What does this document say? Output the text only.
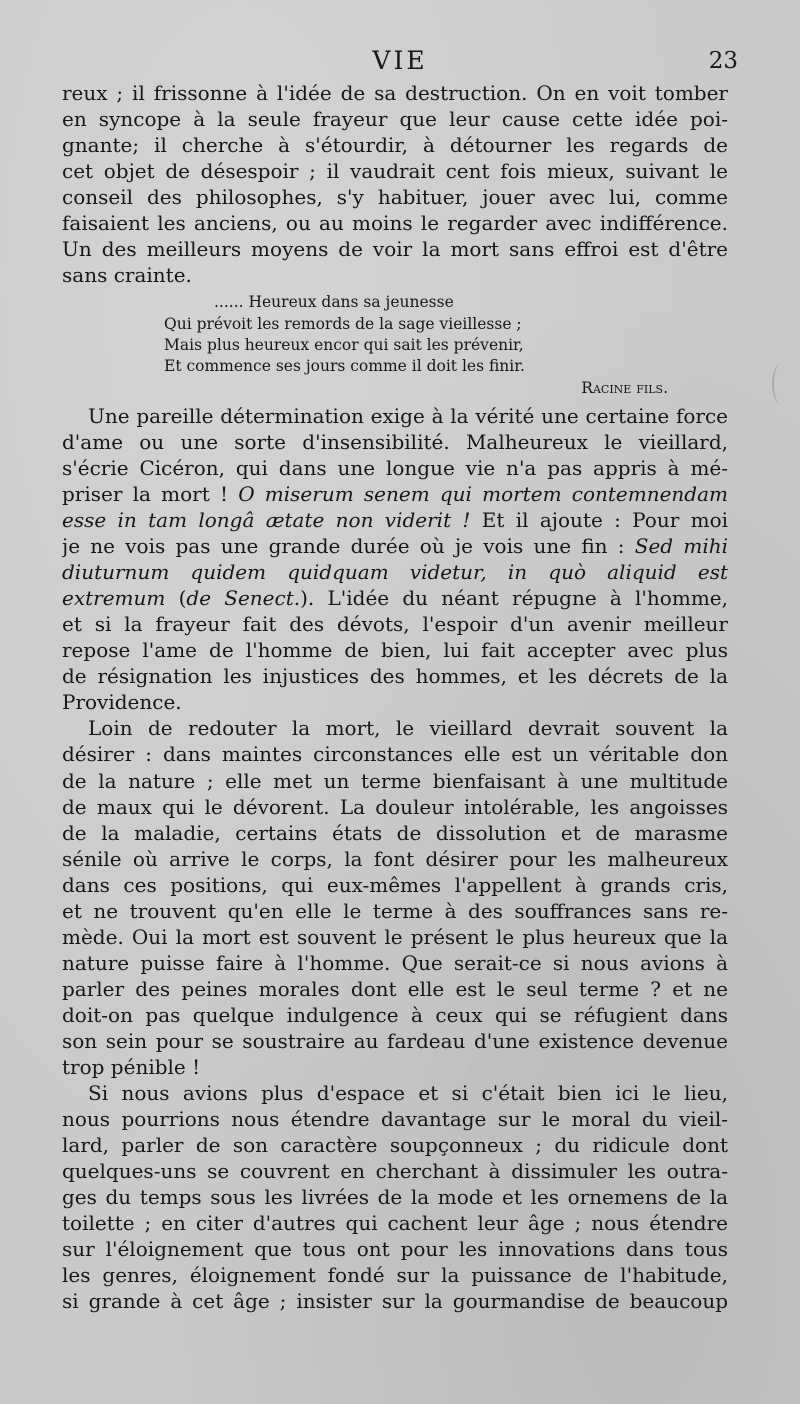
VIE	23
reux ; il frissonne à l'idée de sa destruction. On en voit tomber
en syncope à la seule frayeur que leur cause cette idée poi-
gnante; il cherche à s'étourdir, à détourner les regards de
cet objet de désespoir ; il vaudrait cent fois mieux, suivant le
conseil des philosophes, s'y habituer, jouer avec lui, comme
faisaient les anciens, ou au moins le regarder avec indifférence.
Un des meilleurs moyens de voir la mort sans effroi est d'être
sans crainte.
...... Heureux dans sa jeunesse
Qui prévoit les remords de la sage vieillesse ;
Mais plus heureux encor qui sait les prévenir,
Et commence ses jours comme il doit les finir.
Racine fils.
Une pareille détermination exige à la vérité une certaine force
d'ame ou une sorte d'insensibilité. Malheureux le vieillard,
s'écrie Cicéron, qui dans une longue vie n'a pas appris à mé-
priser la mort ! O miserum senem qui mortem contemnendam
esse in tam longâ ætate non viderit ! Et il ajoute : Pour moi
je ne vois pas une grande durée où je vois une fin : Sed mihi
diuturnum quidem quidquam videtur, in quò aliquid est
extremum (de Senect.). L'idée du néant répugne à l'homme,
et si la frayeur fait des dévots, l'espoir d'un avenir meilleur
repose l'ame de l'homme de bien, lui fait accepter avec plus
de résignation les injustices des hommes, et les décrets de la
Providence.
Loin de redouter la mort, le vieillard devrait souvent la
désirer : dans maintes circonstances elle est un véritable don
de la nature ; elle met un terme bienfaisant à une multitude
de maux qui le dévorent. La douleur intolérable, les angoisses
de la maladie, certains états de dissolution et de marasme
sénile où arrive le corps, la font désirer pour les malheureux
dans ces positions, qui eux-mêmes l'appellent à grands cris,
et ne trouvent qu'en elle le terme à des souffrances sans re-
mède. Oui la mort est souvent le présent le plus heureux que la
nature puisse faire à l'homme. Que serait-ce si nous avions à
parler des peines morales dont elle est le seul terme ? et ne
doit-on pas quelque indulgence à ceux qui se réfugient dans
son sein pour se soustraire au fardeau d'une existence devenue
trop pénible !
Si nous avions plus d'espace et si c'était bien ici le lieu,
nous pourrions nous étendre davantage sur le moral du vieil-
lard, parler de son caractère soupçonneux ; du ridicule dont
quelques-uns se couvrent en cherchant à dissimuler les outra-
ges du temps sous les livrées de la mode et les ornemens de la
toilette ; en citer d'autres qui cachent leur âge ; nous étendre
sur l'éloignement que tous ont pour les innovations dans tous
les genres, éloignement fondé sur la puissance de l'habitude,
si grande à cet âge ; insister sur la gourmandise de beaucoup
